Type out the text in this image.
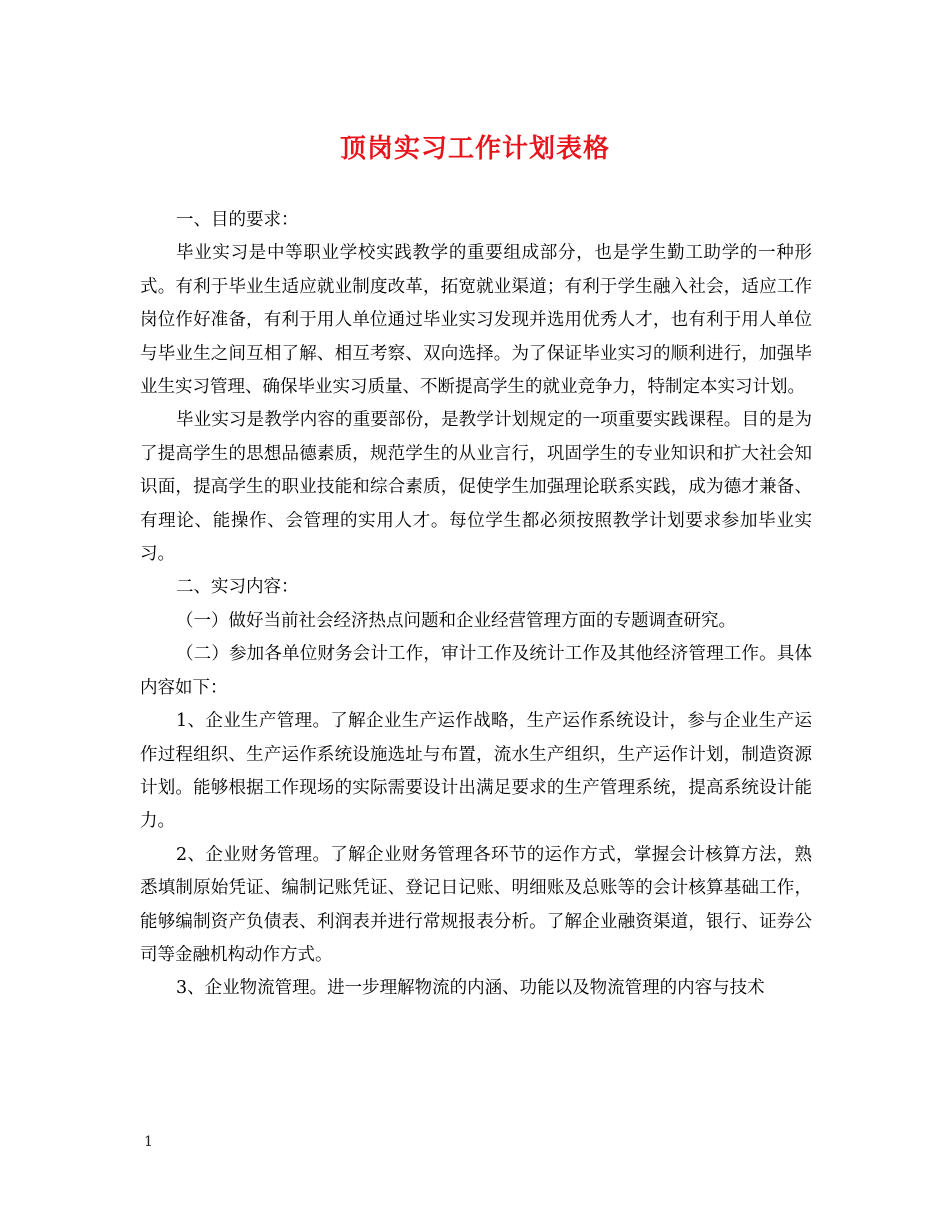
顶岗实习工作计划表格

一、目的要求：

毕业实习是中等职业学校实践教学的重要组成部分，也是学生勤工助学的一种形式。有利于毕业生适应就业制度改革，拓宽就业渠道；有利于学生融入社会，适应工作岗位作好准备，有利于用人单位通过毕业实习发现并选用优秀人才，也有利于用人单位与毕业生之间互相了解、相互考察、双向选择。为了保证毕业实习的顺利进行，加强毕业生实习管理、确保毕业实习质量、不断提高学生的就业竞争力，特制定本实习计划。

毕业实习是教学内容的重要部份，是教学计划规定的一项重要实践课程。目的是为了提高学生的思想品德素质，规范学生的从业言行，巩固学生的专业知识和扩大社会知识面，提高学生的职业技能和综合素质，促使学生加强理论联系实践，成为德才兼备、有理论、能操作、会管理的实用人才。每位学生都必须按照教学计划要求参加毕业实习。

二、实习内容：

（一）做好当前社会经济热点问题和企业经营管理方面的专题调查研究。

（二）参加各单位财务会计工作，审计工作及统计工作及其他经济管理工作。具体内容如下：

1、企业生产管理。了解企业生产运作战略，生产运作系统设计，参与企业生产运作过程组织、生产运作系统设施选址与布置，流水生产组织，生产运作计划，制造资源计划。能够根据工作现场的实际需要设计出满足要求的生产管理系统，提高系统设计能力。

2、企业财务管理。了解企业财务管理各环节的运作方式，掌握会计核算方法，熟悉填制原始凭证、编制记账凭证、登记日记账、明细账及总账等的会计核算基础工作，能够编制资产负债表、利润表并进行常规报表分析。了解企业融资渠道，银行、证券公司等金融机构动作方式。

3、企业物流管理。进一步理解物流的内涵、功能以及物流管理的内容与技术

1
